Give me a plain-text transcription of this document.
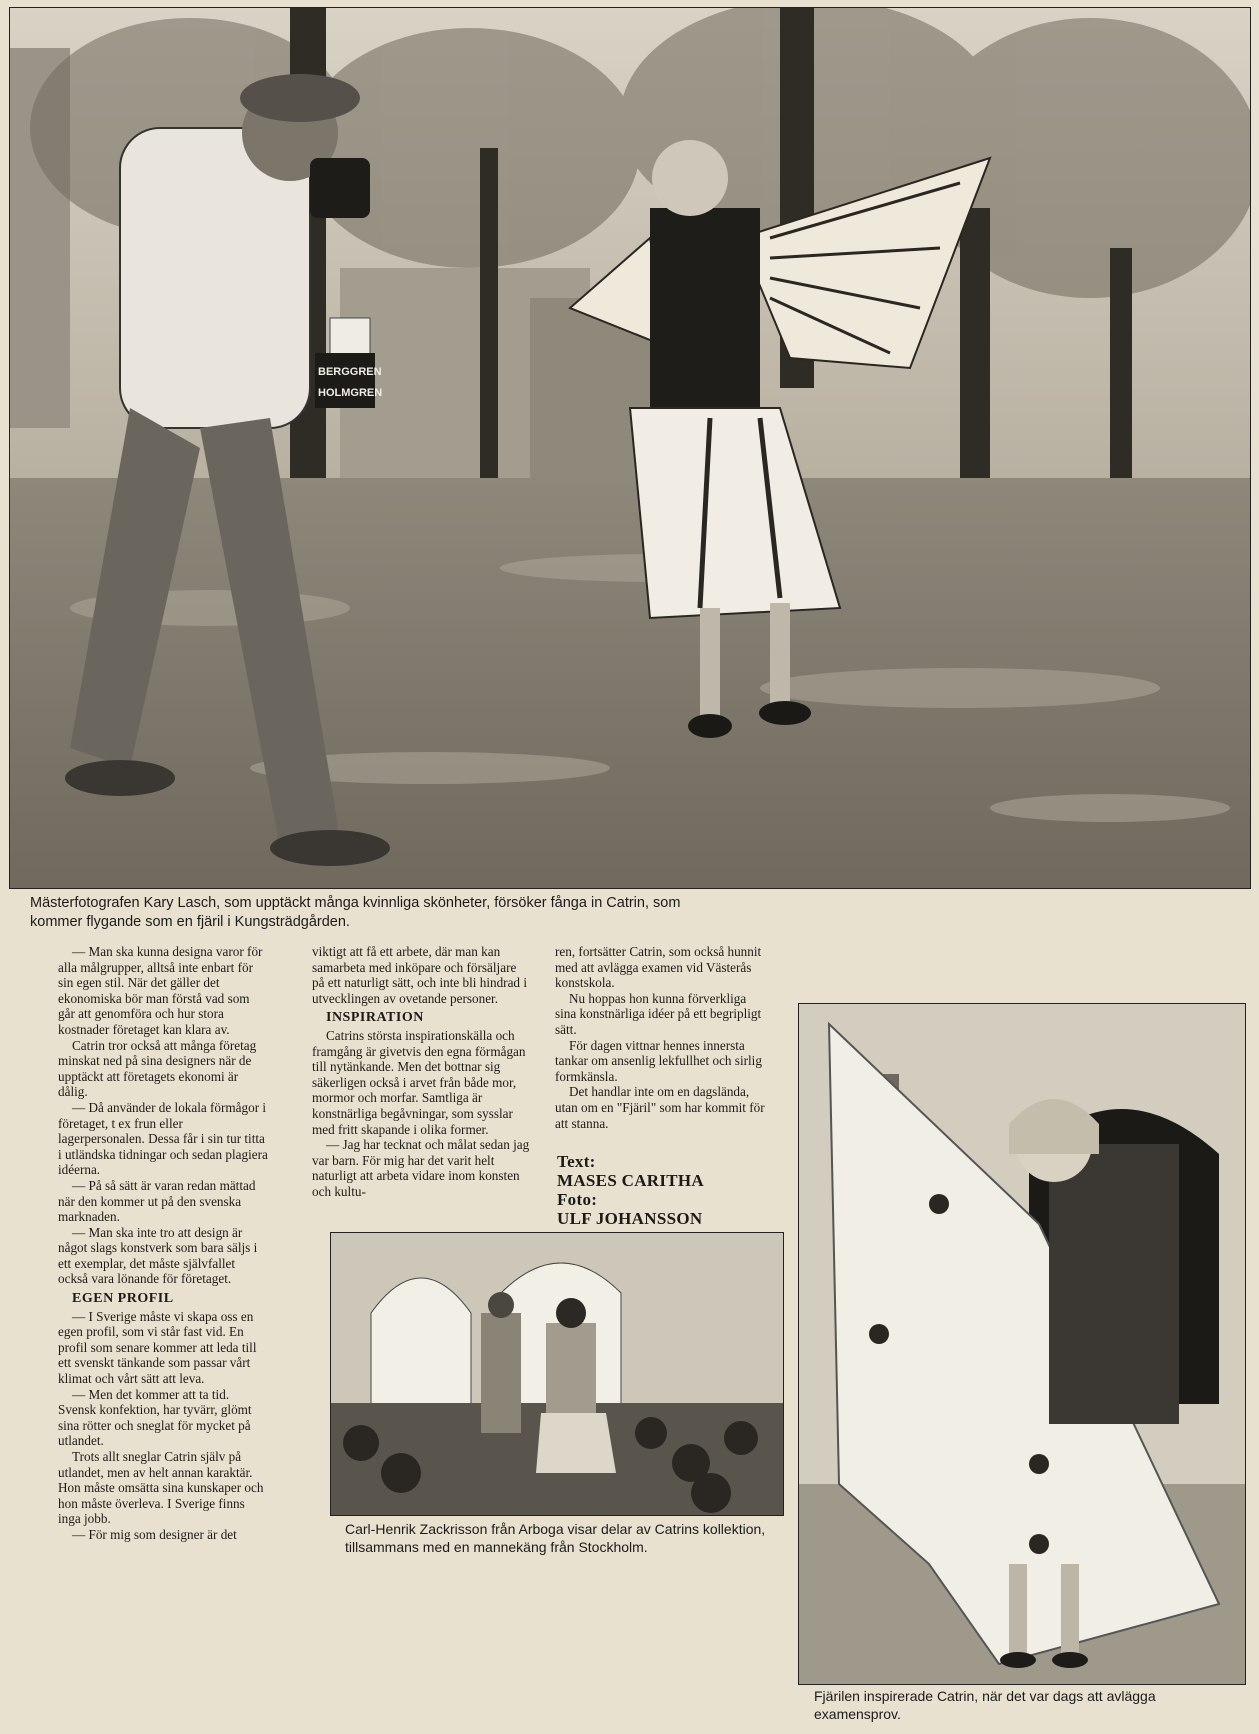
BERGGREN
HOLMGREN
Mästerfotografen Kary Lasch, som upptäckt många kvinnliga skönheter, försöker fånga in Catrin, som kommer flygande som en fjäril i Kungsträdgården.

— Man ska kunna designa varor för alla målgrupper, alltså inte enbart för sin egen stil. När det gäller det ekonomiska bör man förstå vad som går att genomföra och hur stora kostnader företaget kan klara av.

Catrin tror också att många företag minskat ned på sina designers när de upptäckt att företagets ekonomi är dålig.

— Då använder de lokala förmågor i företaget, t ex frun eller lagerpersonalen. Dessa får i sin tur titta i utländska tidningar och sedan plagiera idéerna.

— På så sätt är varan redan mättad när den kommer ut på den svenska marknaden.

— Man ska inte tro att design är något slags konstverk som bara säljs i ett exemplar, det måste självfallet också vara lönande för företaget.

EGEN PROFIL

— I Sverige måste vi skapa oss en egen profil, som vi står fast vid. En profil som senare kommer att leda till ett svenskt tänkande som passar vårt klimat och vårt sätt att leva.

— Men det kommer att ta tid. Svensk konfektion, har tyvärr, glömt sina rötter och sneglat för mycket på utlandet.

Trots allt sneglar Catrin själv på utlandet, men av helt annan karaktär. Hon måste omsätta sina kunskaper och hon måste överleva. I Sverige finns inga jobb.

— För mig som designer är det

viktigt att få ett arbete, där man kan samarbeta med inköpare och försäljare på ett naturligt sätt, och inte bli hindrad i utvecklingen av ovetande personer.

INSPIRATION

Catrins största inspirationskälla och framgång är givetvis den egna förmågan till nytänkande. Men det bottnar sig säkerligen också i arvet från både mor, mormor och morfar. Samtliga är konstnärliga begåvningar, som sysslar med fritt skapande i olika former.

— Jag har tecknat och målat sedan jag var barn. För mig har det varit helt naturligt att arbeta vidare inom konsten och kultu-

ren, fortsätter Catrin, som också hunnit med att avlägga examen vid Västerås konstskola.

Nu hoppas hon kunna förverkliga sina konstnärliga idéer på ett begripligt sätt.

För dagen vittnar hennes innersta tankar om ansenlig lekfullhet och sirlig formkänsla.

Det handlar inte om en dagslända, utan om en "Fjäril" som har kommit för att stanna.

Text:
MASES CARITHA
Foto:
ULF JOHANSSON
Carl-Henrik Zackrisson från Arboga visar delar av Catrins kollektion, tillsammans med en mannekäng från Stockholm.
Fjärilen inspirerade Catrin, när det var dags att avlägga examensprov.
